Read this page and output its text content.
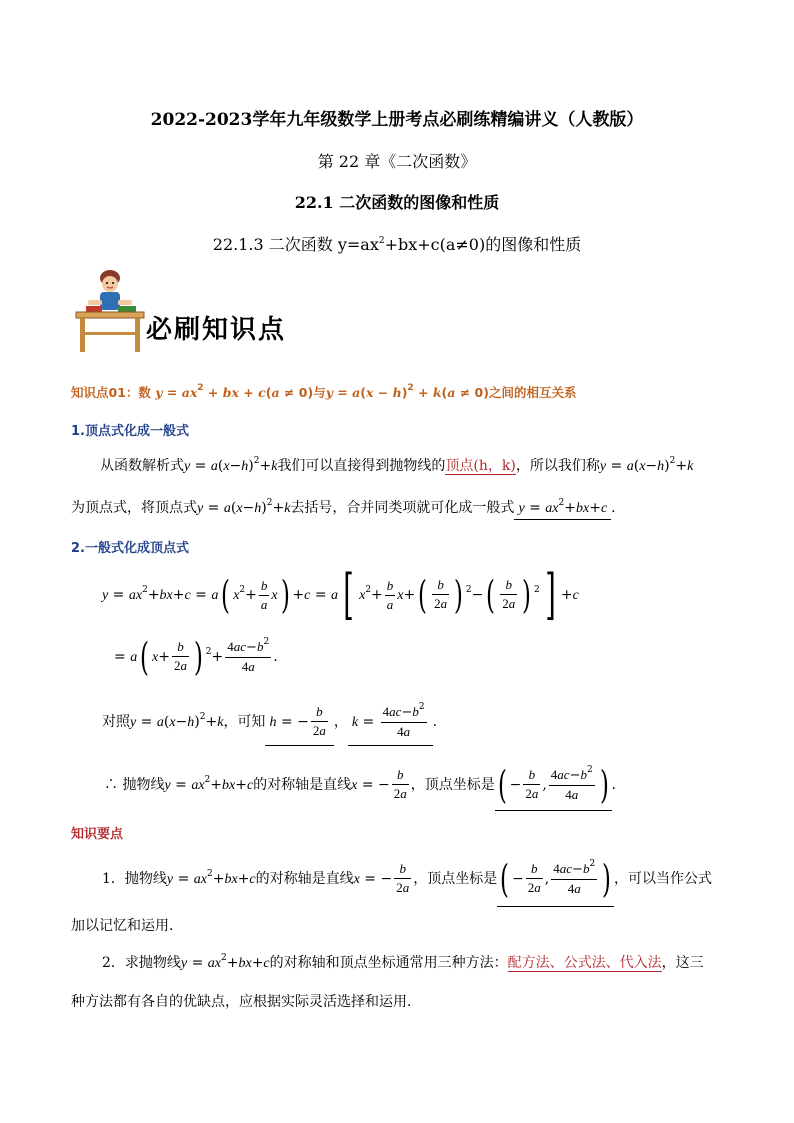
2022-2023学年九年级数学上册考点必刷练精编讲义（人教版）
第 22 章《二次函数》
22.1 二次函数的图像和性质
22.1.3 二次函数 $y=ax^2+bx+c(a\ne 0)$的图像和性质
必刷知识点
知识点01：数 $y = ax^2$ + bx + c(a ≠ 0)与$y = a(x - h)^2 + k(a \ne 0)$之间的相互关系
1.顶点式化成一般式
从函数解析式$y = a(x-h)^2+k$我们可以直接得到抛物线的顶点(h，k)，所以我们称$y = a(x-h)^2+k$
为顶点式，将顶点式$y = a(x-h)^2+k$去括号，合并同类项就可化成一般式 $y = ax^2+bx+c$ .
2.一般式化成顶点式
$y = ax^2+bx+c = a$( $x^2+ \frac{b}{a} x) +c = a$[ $x^2+ \frac{b}{a} x+( \frac{b}{2a}$ ) $^2-( \frac{b}{2a}$ ) $^2$] +c
= a( $x+ \frac{b}{2a}$ ) $^2+ \frac{4ac-b^2}{4a}$ .
对照$y = a(x-h)^2+k$，可知 h = − $\frac{b}{2a}$ ， $k = \frac{4ac-b^2}{4a}$ .
∴ 抛物线$y = ax^2+bx+c$的对称轴是直线x = − $\frac{b}{2a}$ ，顶点坐标是( − $\frac{b}{2a}$ , $\frac{4ac-b^2}{4a}$ ) .
知识要点
1．抛物线$y = ax^2+bx+c$的对称轴是直线x = − $\frac{b}{2a}$ ，顶点坐标是( − $\frac{b}{2a}$ , $\frac{4ac-b^2}{4a}$ ) ，可以当作公式
加以记忆和运用．
2．求抛物线$y = ax^2+bx+c$的对称轴和顶点坐标通常用三种方法：配方法、公式法、代入法，这三
种方法都有各自的优缺点，应根据实际灵活选择和运用．
